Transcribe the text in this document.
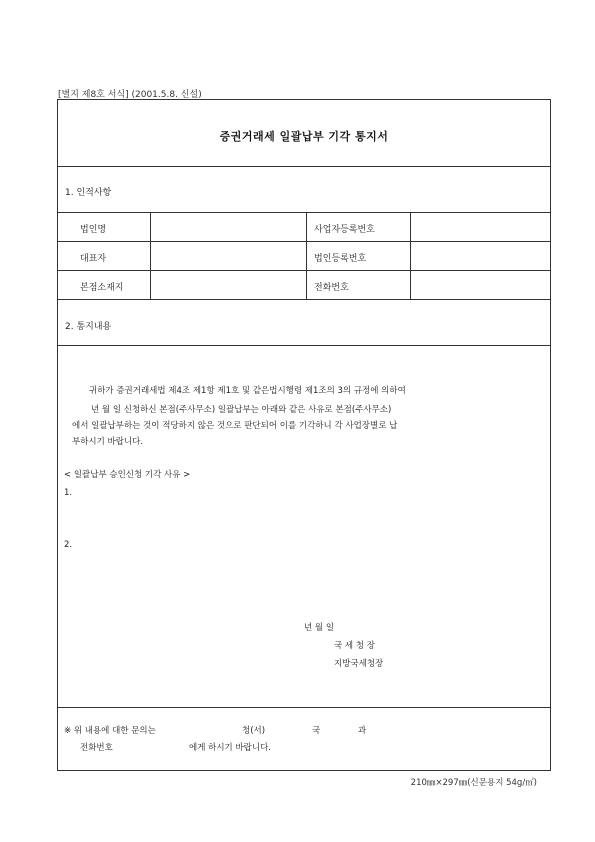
[별지 제8호 서식] (2001.5.8. 신설)
증권거래세 일괄납부 기각 통지서
1. 인적사항
법인명	사업자등록번호
대표자	법인등록번호
본점소재지	전화번호
2. 통지내용
귀하가 증권거래세법 제4조 제1항 제1호 및 같은법시행령 제1조의 3의 규정에 의하여
년 월 일 신청하신 본점(주사무소) 일괄납부는 아래와 같은 사유로 본점(주사무소)
에서 일괄납부하는 것이 적당하지 않은 것으로 판단되어 이를 기각하니 각 사업장별로 납
부하시기 바랍니다.
< 일괄납부 승인신청 기각 사유 >
1.
2.
년 월 일
국 세 청 장
지방국세청장
※ 위 내용에 대한 문의는	청(서)	국	과
전화번호	에게 하시기 바랍니다.
210㎜×297㎜(신문용지 54g/㎡)
